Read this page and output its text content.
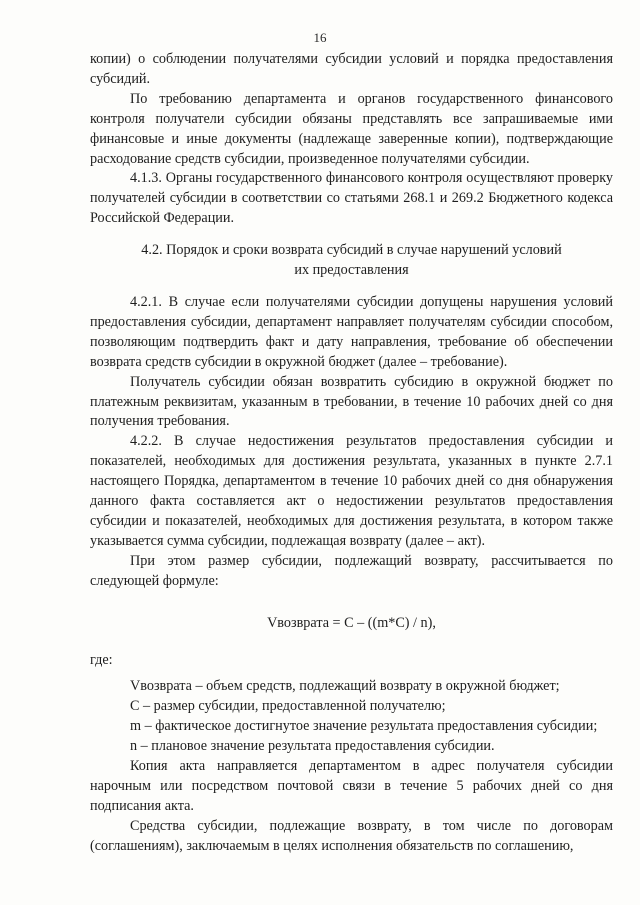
16

копии) о соблюдении получателями субсидии условий и порядка предоставления субсидий.

По требованию департамента и органов государственного финансового контроля получатели субсидии обязаны представлять все запрашиваемые ими финансовые и иные документы (надлежаще заверенные копии), подтверждающие расходование средств субсидии, произведенное получателями субсидии.

4.1.3. Органы государственного финансового контроля осуществляют проверку получателей субсидии в соответствии со статьями 268.1 и 269.2 Бюджетного кодекса Российской Федерации.

4.2. Порядок и сроки возврата субсидий в случае нарушений условий
их предоставления

4.2.1. В случае если получателями субсидии допущены нарушения условий предоставления субсидии, департамент направляет получателям субсидии способом, позволяющим подтвердить факт и дату направления, требование об обеспечении возврата средств субсидии в окружной бюджет (далее – требование).

Получатель субсидии обязан возвратить субсидию в окружной бюджет по платежным реквизитам, указанным в требовании, в течение 10 рабочих дней со дня получения требования.

4.2.2. В случае недостижения результатов предоставления субсидии и показателей, необходимых для достижения результата, указанных в пункте 2.7.1 настоящего Порядка, департаментом в течение 10 рабочих дней со дня обнаружения данного факта составляется акт о недостижении результатов предоставления субсидии и показателей, необходимых для достижения результата, в котором также указывается сумма субсидии, подлежащая возврату (далее – акт).

При этом размер субсидии, подлежащий возврату, рассчитывается по следующей формуле:

Vвозврата = C – ((m*C) / n),

где:

Vвозврата – объем средств, подлежащий возврату в окружной бюджет;

С – размер субсидии, предоставленной получателю;

m – фактическое достигнутое значение результата предоставления субсидии;

n – плановое значение результата предоставления субсидии.

Копия акта направляется департаментом в адрес получателя субсидии нарочным или посредством почтовой связи в течение 5 рабочих дней со дня подписания акта.

Средства субсидии, подлежащие возврату, в том числе по договорам (соглашениям), заключаемым в целях исполнения обязательств по соглашению,
